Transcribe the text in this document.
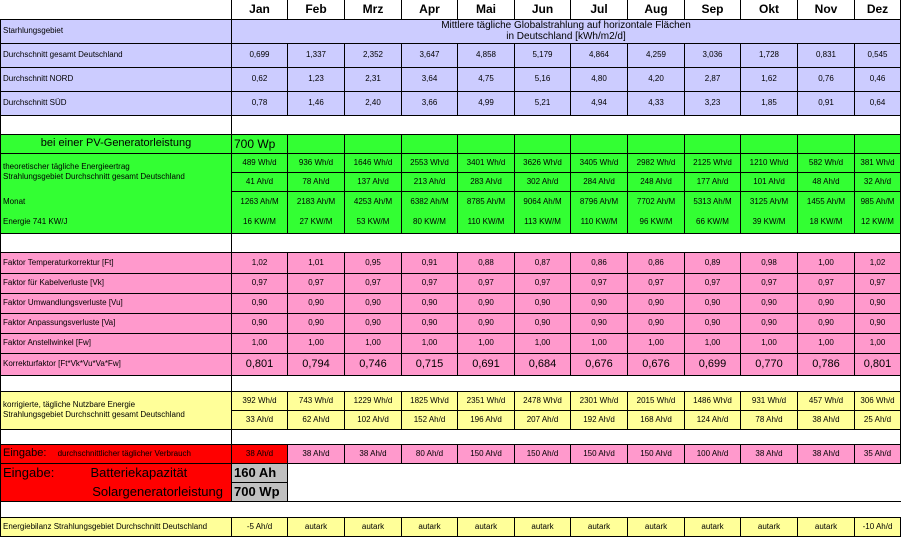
	Jan	Feb	Mrz	Apr	Mai	Jun	Jul	Aug	Sep	Okt	Nov	Dez
Starhlungsgebiet	Mittlere tägliche Globalstrahlung auf horizontale Flächen
in Deutschland [kWh/m2/d]											
Durchschnitt gesamt Deutschland	0,699	1,337	2,352	3,647	4,858	5,179	4,864	4,259	3,036	1,728	0,831	0,545
Durchschnitt NORD	0,62	1,23	2,31	3,64	4,75	5,16	4,80	4,20	2,87	1,62	0,76	0,46
Durchschnitt SÜD	0,78	1,46	2,40	3,66	4,99	5,21	4,94	4,33	3,23	1,85	0,91	0,64

bei einer PV-Generatorleistung	700 Wp											
theoretischer tägliche Energieertrag
Strahlungsgebiet Durchschnitt gesamt Deutschland	489 Wh/d	936 Wh/d	1646 Wh/d	2553 Wh/d	3401 Wh/d	3626 Wh/d	3405 Wh/d	2982 Wh/d	2125 Wh/d	1210 Wh/d	582 Wh/d	381 Wh/d
	41 Ah/d	78 Ah/d	137 Ah/d	213 Ah/d	283 Ah/d	302 Ah/d	284 Ah/d	248 Ah/d	177 Ah/d	101 Ah/d	48 Ah/d	32 Ah/d
Monat	1263 Ah/M	2183 Ah/M	4253 Ah/M	6382 Ah/M	8785 Ah/M	9064 Ah/M	8796 Ah/M	7702 Ah/M	5313 Ah/M	3125 Ah/M	1455 Ah/M	985 Ah/M
Energie 741 KW/J	16 KW/M	27 KW/M	53 KW/M	80 KW/M	110 KW/M	113 KW/M	110 KW/M	96 KW/M	66 KW/M	39 KW/M	18 KW/M	12 KW/M

Faktor Temperaturkorrektur [Ft]	1,02	1,01	0,95	0,91	0,88	0,87	0,86	0,86	0,89	0,98	1,00	1,02
Faktor für Kabelverluste [Vk]	0,97	0,97	0,97	0,97	0,97	0,97	0,97	0,97	0,97	0,97	0,97	0,97
Faktor Umwandlungsverluste [Vu]	0,90	0,90	0,90	0,90	0,90	0,90	0,90	0,90	0,90	0,90	0,90	0,90
Faktor Anpassungsverluste [Va]	0,90	0,90	0,90	0,90	0,90	0,90	0,90	0,90	0,90	0,90	0,90	0,90
Faktor Anstellwinkel [Fw]	1,00	1,00	1,00	1,00	1,00	1,00	1,00	1,00	1,00	1,00	1,00	1,00
Korrekturfaktor [Ft*Vk*Vu*Va*Fw]	0,801	0,794	0,746	0,715	0,691	0,684	0,676	0,676	0,699	0,770	0,786	0,801

korrigierte, tägliche Nutzbare Energie
Strahlungsgebiet Durchschnitt gesamt Deutschland	392 Wh/d	743 Wh/d	1229 Wh/d	1825 Wh/d	2351 Wh/d	2478 Wh/d	2301 Wh/d	2015 Wh/d	1486 Wh/d	931 Wh/d	457 Wh/d	306 Wh/d
	33 Ah/d	62 Ah/d	102 Ah/d	152 Ah/d	196 Ah/d	207 Ah/d	192 Ah/d	168 Ah/d	124 Ah/d	78 Ah/d	38 Ah/d	25 Ah/d

Eingabe: durchschnittlicher täglicher Verbrauch	38 Ah/d	38 Ah/d	38 Ah/d	80 Ah/d	150 Ah/d	150 Ah/d	150 Ah/d	150 Ah/d	100 Ah/d	38 Ah/d	38 Ah/d	35 Ah/d
Eingabe: Batteriekapazität	160 Ah											
Solargeneratorleistung	700 Wp											

Energiebilanz Strahlungsgebiet Durchschnitt Deutschland	-5 Ah/d	autark	autark	autark	autark	autark	autark	autark	autark	autark	autark	-10 Ah/d
